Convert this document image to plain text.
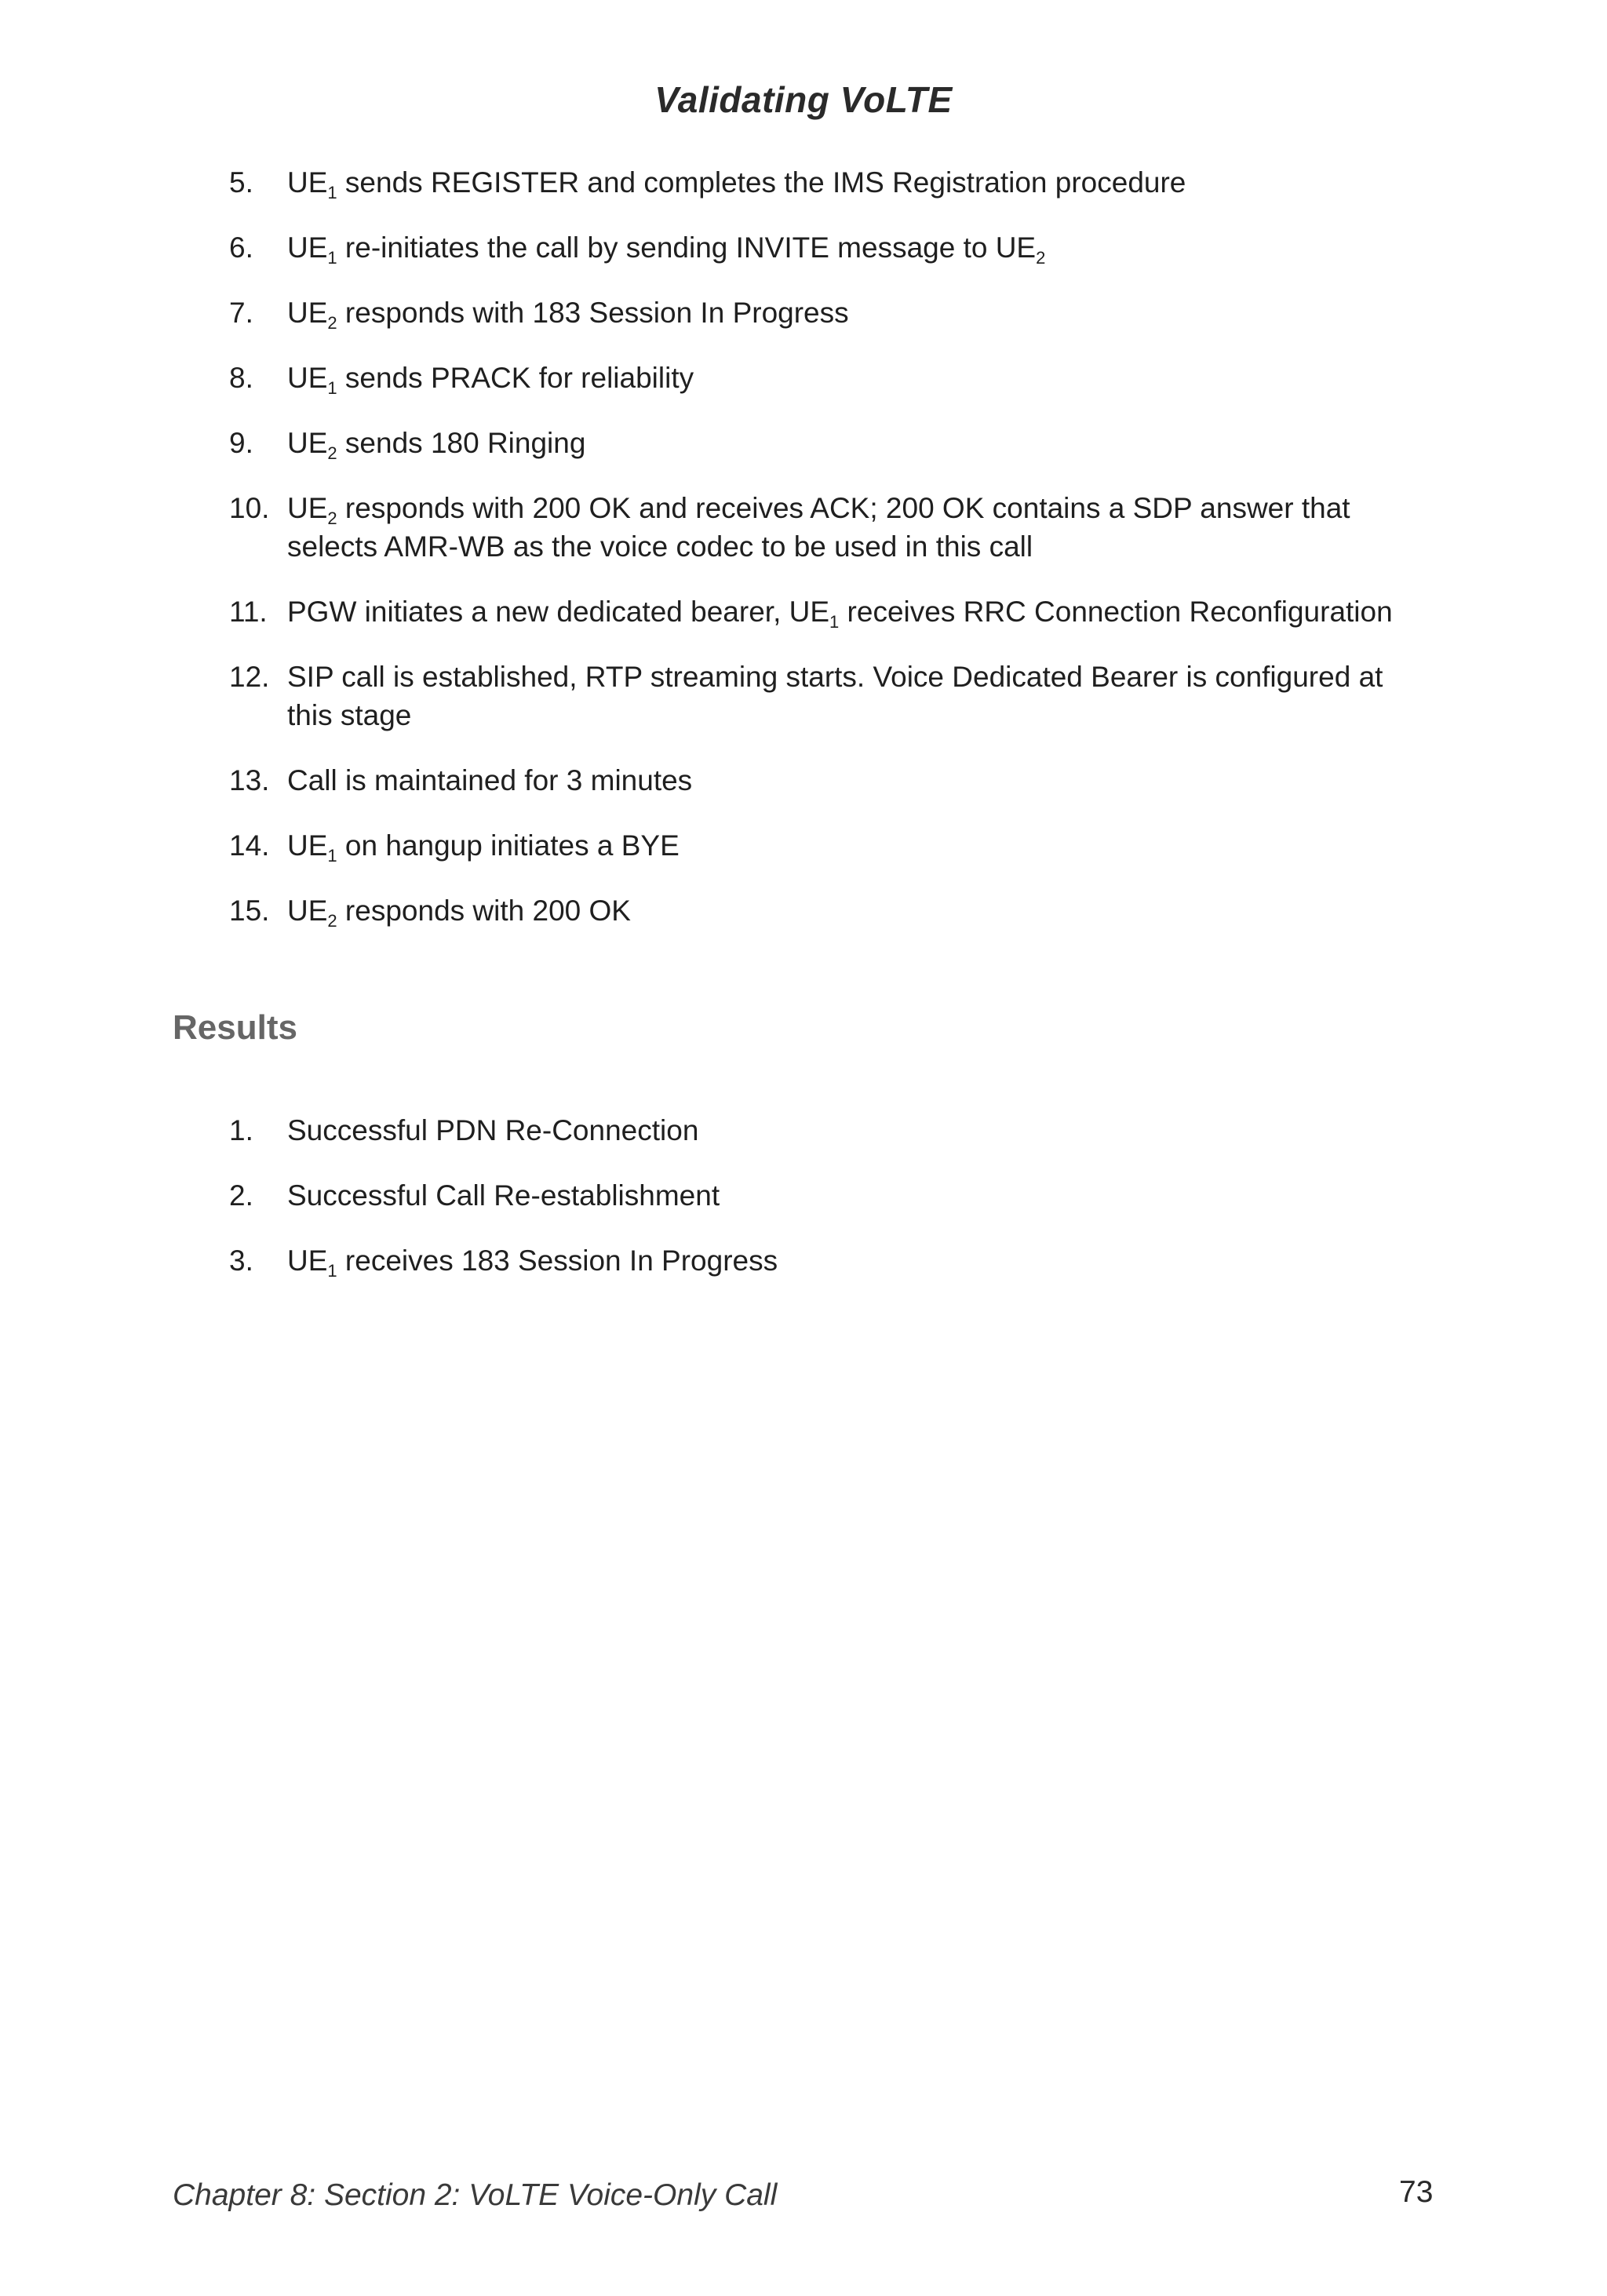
Validating VoLTE
5.	$UE_1$ sends REGISTER and completes the IMS Registration procedure
6.	$UE_1$ re-initiates the call by sending INVITE message to $UE_2$
7.	$UE_2$ responds with 183 Session In Progress
8.	$UE_1$ sends PRACK for reliability
9.	$UE_2$ sends 180 Ringing
10. $UE_2$ responds with 200 OK and receives ACK; 200 OK contains a SDP answer that selects AMR-WB as the voice codec to be used in this call
11. PGW initiates a new dedicated bearer, $UE_1$ receives RRC Connection Reconfiguration
12. SIP call is established, RTP streaming starts. Voice Dedicated Bearer is configured at this stage
13. Call is maintained for 3 minutes
14. $UE_1$ on hangup initiates a BYE
15. $UE_2$ responds with 200 OK
Results
1.	Successful PDN Re-Connection
2.	Successful Call Re-establishment
3.	$UE_1$ receives 183 Session In Progress
Chapter 8: Section 2: VoLTE Voice-Only Call	73
